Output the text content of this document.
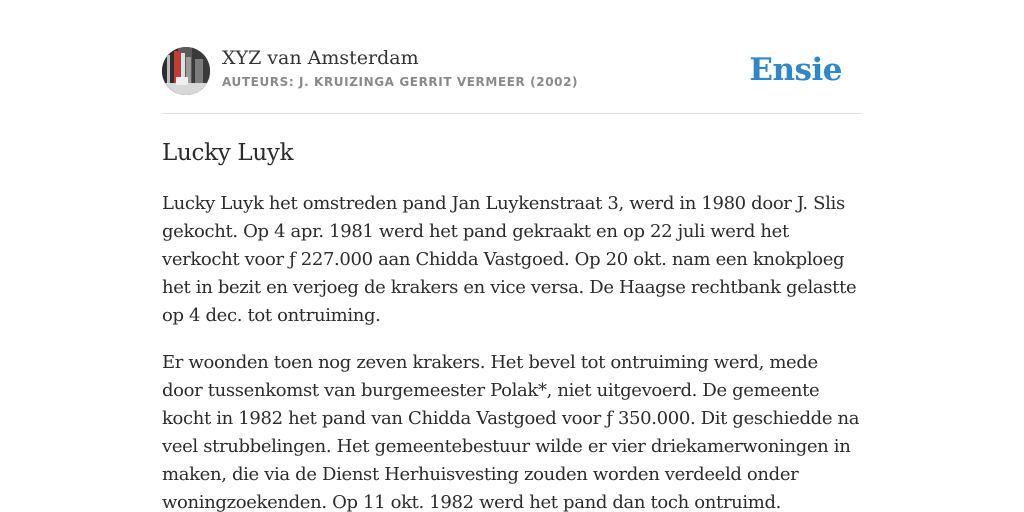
XYZ van Amsterdam
AUTEURS: J. KRUIZINGA GERRIT VERMEER (2002)	Ensie
Lucky Luyk

Lucky Luyk het omstreden pand Jan Luykenstraat 3, werd in 1980 door J. Slis gekocht. Op 4 apr. 1981 werd het pand gekraakt en op 22 juli werd het verkocht voor ƒ 227.000 aan Chidda Vastgoed. Op 20 okt. nam een knokploeg het in bezit en verjoeg de krakers en vice versa. De Haagse rechtbank gelastte op 4 dec. tot ontruiming.

Er woonden toen nog zeven krakers. Het bevel tot ontruiming werd, mede door tussenkomst van burgemeester Polak*, niet uitgevoerd. De gemeente kocht in 1982 het pand van Chidda Vastgoed voor ƒ 350.000. Dit geschiedde na veel strubbelingen. Het gemeentebestuur wilde er vier driekamerwoningen in maken, die via de Dienst Herhuisvesting zouden worden verdeeld onder woningzoekenden. Op 11 okt. 1982 werd het pand dan toch ontruimd.
